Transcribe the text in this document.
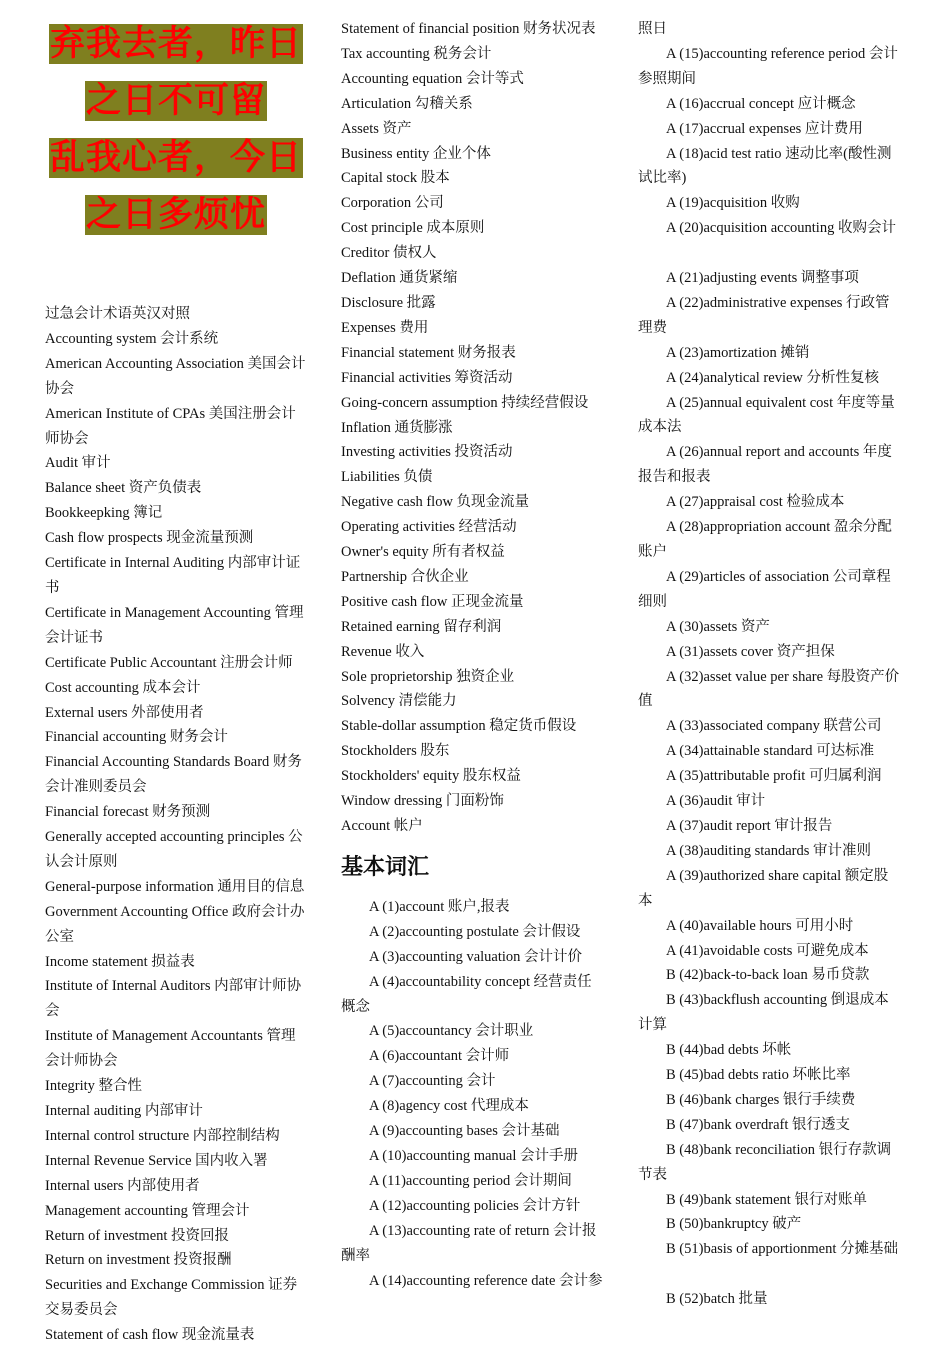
弃我去者，昨日
之日不可留
乱我心者，今日
之日多烦忧
过急会计术语英汉对照
Accounting system 会计系统
American Accounting Association 美国会计协会
American Institute of CPAs 美国注册会计师协会
Audit 审计
Balance sheet 资产负债表
Bookkeepking 簿记
Cash flow prospects 现金流量预测
Certificate in Internal Auditing 内部审计证书
Certificate in Management Accounting 管理会计证书
Certificate Public Accountant 注册会计师
Cost accounting 成本会计
External users 外部使用者
Financial accounting 财务会计
Financial Accounting Standards Board 财务会计准则委员会
Financial forecast 财务预测
Generally accepted accounting principles 公认会计原则
General-purpose information 通用目的信息
Government Accounting Office 政府会计办公室
Income statement 损益表
Institute of Internal Auditors 内部审计师协会
Institute of Management Accountants 管理会计师协会
Integrity 整合性
Internal auditing 内部审计
Internal control structure 内部控制结构
Internal Revenue Service 国内收入署
Internal users 内部使用者
Management accounting 管理会计
Return of investment 投资回报
Return on investment 投资报酬
Securities and Exchange Commission 证券交易委员会
Statement of cash flow 现金流量表
Statement of financial position 财务状况表
Tax accounting 税务会计
Accounting equation 会计等式
Articulation 勾稽关系
Assets 资产
Business entity 企业个体
Capital stock 股本
Corporation 公司
Cost principle 成本原则
Creditor 债权人
Deflation 通货紧缩
Disclosure 批露
Expenses 费用
Financial statement 财务报表
Financial activities 筹资活动
Going-concern assumption 持续经营假设
Inflation 通货膨涨
Investing activities 投资活动
Liabilities 负债
Negative cash flow 负现金流量
Operating activities 经营活动
Owner's equity 所有者权益
Partnership 合伙企业
Positive cash flow 正现金流量
Retained earning 留存利润
Revenue 收入
Sole proprietorship 独资企业
Solvency 清偿能力
Stable-dollar assumption 稳定货币假设
Stockholders 股东
Stockholders' equity 股东权益
Window dressing 门面粉饰
Account 帐户
基本词汇
A (1)account 账户,报表
A (2)accounting postulate 会计假设
A (3)accounting valuation 会计计价
A (4)accountability concept 经营责任概念
A (5)accountancy 会计职业
A (6)accountant 会计师
A (7)accounting 会计
A (8)agency cost 代理成本
A (9)accounting bases 会计基础
A (10)accounting manual 会计手册
A (11)accounting period 会计期间
A (12)accounting policies 会计方针
A (13)accounting rate of return 会计报酬率
A (14)accounting reference date 会计参
照日
A (15)accounting reference period 会计参照期间
A (16)accrual concept 应计概念
A (17)accrual expenses 应计费用
A (18)acid test ratio 速动比率(酸性测试比率)
A (19)acquisition 收购
A (20)acquisition accounting 收购会计
A (21)adjusting events 调整事项
A (22)administrative expenses 行政管理费
A (23)amortization 摊销
A (24)analytical review 分析性复核
A (25)annual equivalent cost 年度等量成本法
A (26)annual report and accounts 年度报告和报表
A (27)appraisal cost 检验成本
A (28)appropriation account 盈余分配账户
A (29)articles of association 公司章程细则
A (30)assets 资产
A (31)assets cover 资产担保
A (32)asset value per share 每股资产价值
A (33)associated company 联营公司
A (34)attainable standard 可达标准
A (35)attributable profit 可归属利润
A (36)audit 审计
A (37)audit report 审计报告
A (38)auditing standards 审计准则
A (39)authorized share capital 额定股本
A (40)available hours 可用小时
A (41)avoidable costs 可避免成本
B (42)back-to-back loan 易币贷款
B (43)backflush accounting 倒退成本计算
B (44)bad debts 坏帐
B (45)bad debts ratio 坏帐比率
B (46)bank charges 银行手续费
B (47)bank overdraft 银行透支
B (48)bank reconciliation 银行存款调节表
B (49)bank statement 银行对账单
B (50)bankruptcy 破产
B (51)basis of apportionment 分摊基础
B (52)batch 批量
